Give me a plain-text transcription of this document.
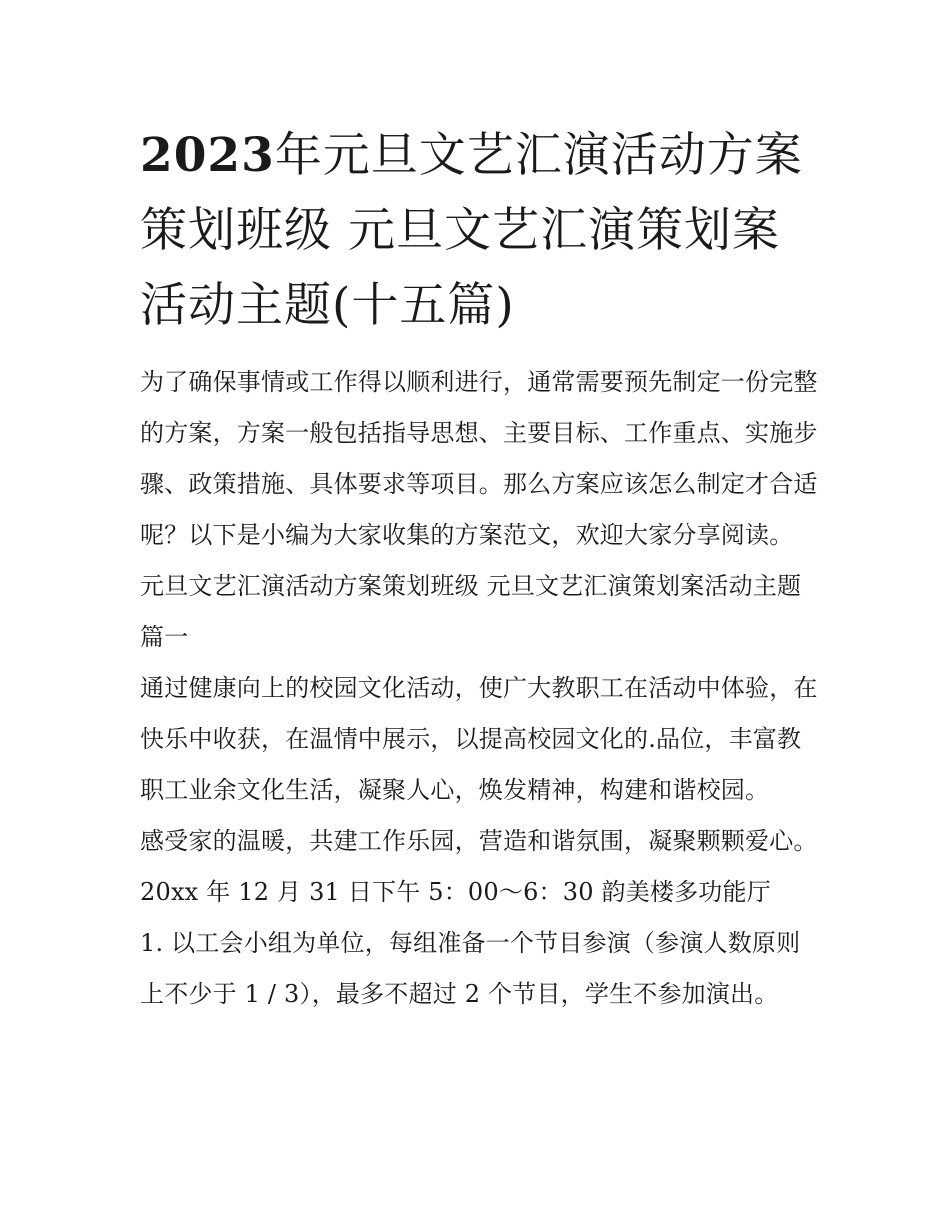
2023年元旦文艺汇演活动方案策划班级 元旦文艺汇演策划案活动主题(十五篇)

为了确保事情或工作得以顺利进行，通常需要预先制定一份完整的方案，方案一般包括指导思想、主要目标、工作重点、实施步骤、政策措施、具体要求等项目。那么方案应该怎么制定才合适呢？以下是小编为大家收集的方案范文，欢迎大家分享阅读。

元旦文艺汇演活动方案策划班级 元旦文艺汇演策划案活动主题篇一

通过健康向上的校园文化活动，使广大教职工在活动中体验，在快乐中收获，在温情中展示，以提高校园文化的.品位，丰富教职工业余文化生活，凝聚人心，焕发精神，构建和谐校园。

感受家的温暖，共建工作乐园，营造和谐氛围，凝聚颗颗爱心。 20xx 年 12 月 31 日下午 5：00～6：30 韵美楼多功能厅

1. 以工会小组为单位，每组准备一个节目参演（参演人数原则上不少于 1 / 3），最多不超过 2 个节目，学生不参加演出。
